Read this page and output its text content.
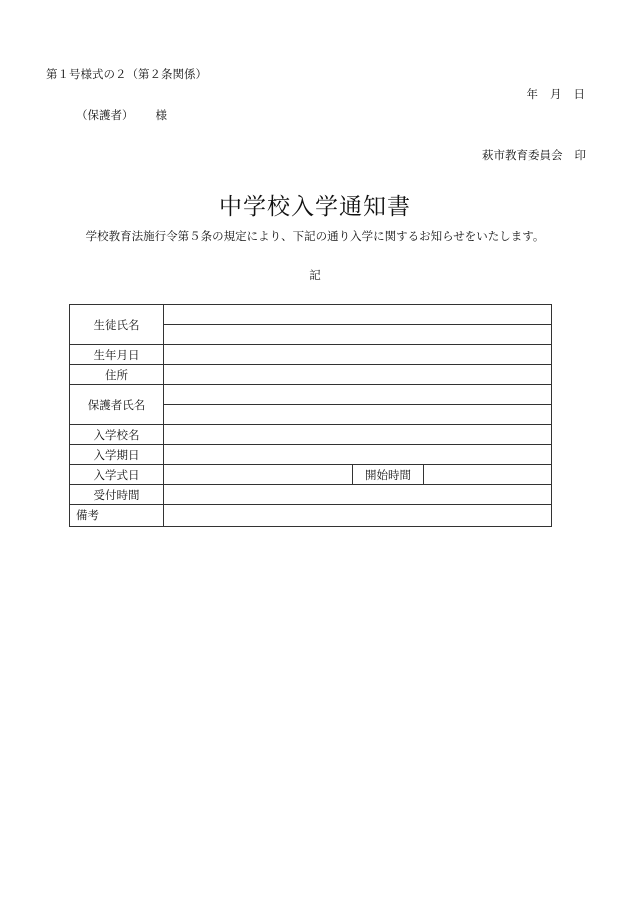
第１号様式の２（第２条関係）
年 月 日
（保護者） 様
萩市教育委員会 印
中学校入学通知書
学校教育法施行令第５条の規定により、下記の通り入学に関するお知らせをいたします。
記
生徒氏名			

生年月日			
住所			
保護者氏名			

入学校名			
入学期日			
入学式日		開始時間	
受付時間			
備考			
